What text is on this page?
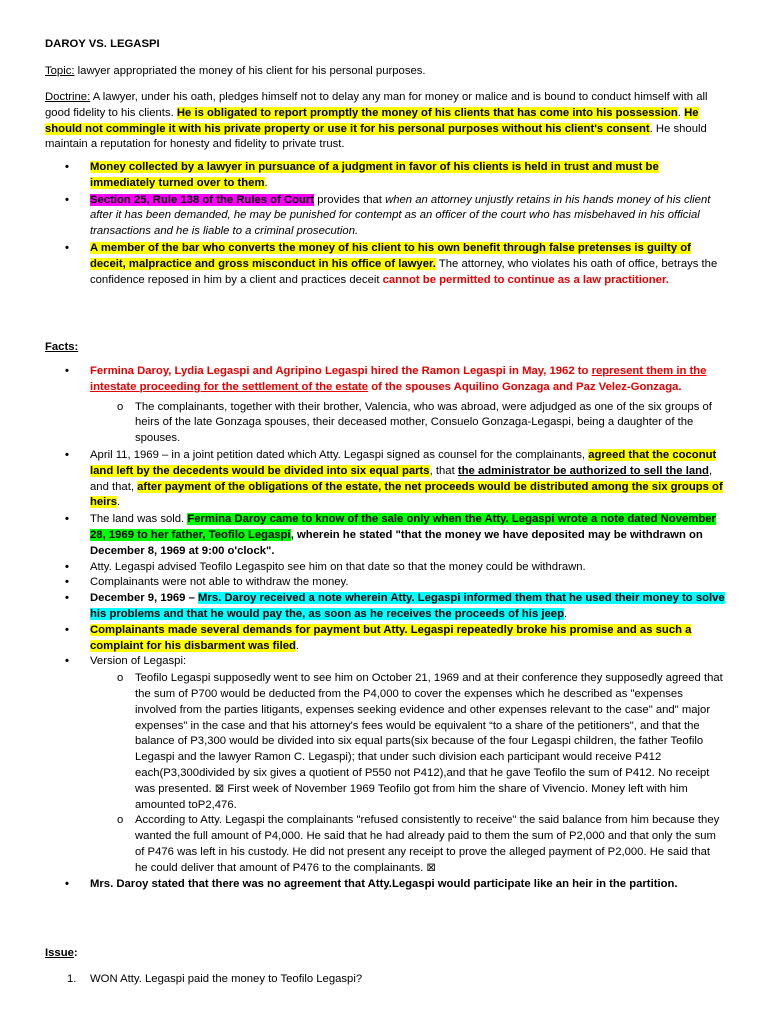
DAROY VS. LEGASPI

Topic: lawyer appropriated the money of his client for his personal purposes.

Doctrine: A lawyer, under his oath, pledges himself not to delay any man for money or malice and is bound to conduct himself with all good fidelity to his clients. He is obligated to report promptly the money of his clients that has come into his possession. He should not commingle it with his private property or use it for his personal purposes without his client's consent. He should maintain a reputation for honesty and fidelity to private trust.

• Money collected by a lawyer in pursuance of a judgment in favor of his clients is held in trust and must be immediately turned over to them.
• Section 25, Rule 138 of the Rules of Court provides that when an attorney unjustly retains in his hands money of his client after it has been demanded, he may be punished for contempt as an officer of the court who has misbehaved in his official transactions and he is liable to a criminal prosecution.
• A member of the bar who converts the money of his client to his own benefit through false pretenses is guilty of deceit, malpractice and gross misconduct in his office of lawyer. The attorney, who violates his oath of office, betrays the confidence reposed in him by a client and practices deceit cannot be permitted to continue as a law practitioner.

Facts:

• Fermina Daroy, Lydia Legaspi and Agripino Legaspi hired the Ramon Legaspi in May, 1962 to represent them in the intestate proceeding for the settlement of the estate of the spouses Aquilino Gonzaga and Paz Velez-Gonzaga.
o The complainants, together with their brother, Valencia, who was abroad, were adjudged as one of the six groups of heirs of the late Gonzaga spouses, their deceased mother, Consuelo Gonzaga-Legaspi, being a daughter of the spouses.
• April 11, 1969 – in a joint petition dated which Atty. Legaspi signed as counsel for the complainants, agreed that the coconut land left by the decedents would be divided into six equal parts, that the administrator be authorized to sell the land, and that, after payment of the obligations of the estate, the net proceeds would be distributed among the six groups of heirs.
• The land was sold. Fermina Daroy came to know of the sale only when the Atty. Legaspi wrote a note dated November 28, 1969 to her father, Teofilo Legaspi, wherein he stated "that the money we have deposited may be withdrawn on December 8, 1969 at 9:00 o'clock".
• Atty. Legaspi advised Teofilo Legaspito see him on that date so that the money could be withdrawn.
• Complainants were not able to withdraw the money.
• December 9, 1969 – Mrs. Daroy received a note wherein Atty. Legaspi informed them that he used their money to solve his problems and that he would pay the, as soon as he receives the proceeds of his jeep.
• Complainants made several demands for payment but Atty. Legaspi repeatedly broke his promise and as such a complaint for his disbarment was filed.
• Version of Legaspi:
o Teofilo Legaspi supposedly went to see him on October 21, 1969 and at their conference they supposedly agreed that the sum of P700 would be deducted from the P4,000 to cover the expenses which he described as "expenses involved from the parties litigants, expenses seeking evidence and other expenses relevant to the case" and" major expenses" in the case and that his attorney's fees would be equivalent “to a share of the petitioners", and that the balance of P3,300 would be divided into six equal parts(six because of the four Legaspi children, the father Teofilo Legaspi and the lawyer Ramon C. Legaspi); that under such division each participant would receive P412 each(P3,300divided by six gives a quotient of P550 not P412),and that he gave Teofilo the sum of P412. No receipt was presented. ⊠ First week of November 1969 Teofilo got from him the share of Vivencio. Money left with him amounted toP2,476.
o According to Atty. Legaspi the complainants "refused consistently to receive" the said balance from him because they wanted the full amount of P4,000. He said that he had already paid to them the sum of P2,000 and that only the sum of P476 was left in his custody. He did not present any receipt to prove the alleged payment of P2,000. He said that he could deliver that amount of P476 to the complainants. ⊠
• Mrs. Daroy stated that there was no agreement that Atty.Legaspi would participate like an heir in the partition.

Issue:

1. WON Atty. Legaspi paid the money to Teofilo Legaspi?
